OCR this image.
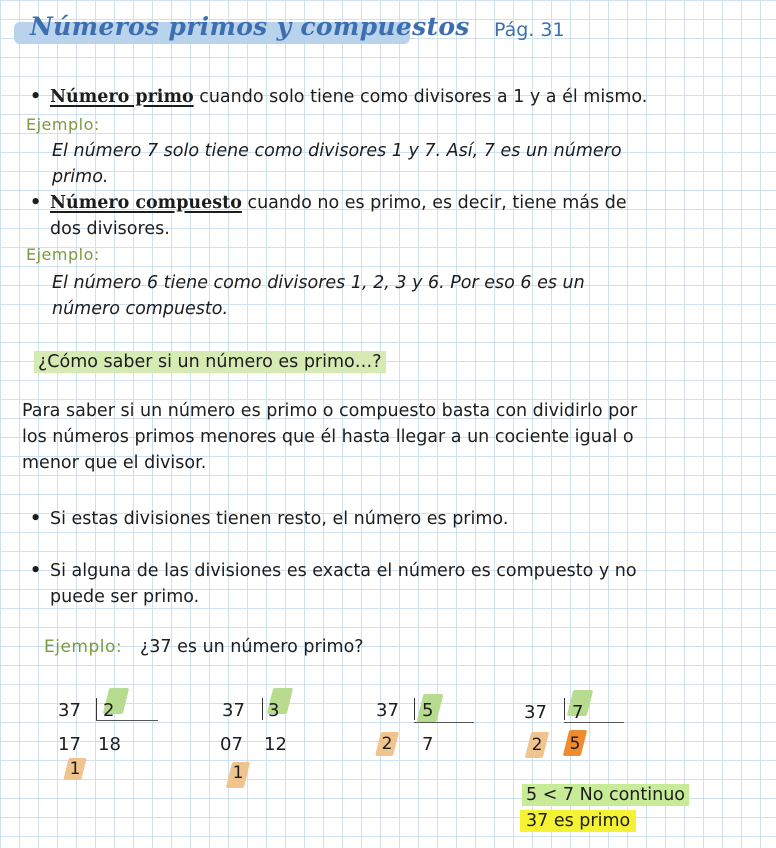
Números primos y compuestos	Pág. 31
• Número primo cuando solo tiene como divisores a 1 y a él mismo.
Ejemplo:
El número 7 solo tiene como divisores 1 y 7. Así, 7 es un número
primo.
• Número compuesto cuando no es primo, es decir, tiene más de
dos divisores.
Ejemplo:
El número 6 tiene como divisores 1, 2, 3 y 6. Por eso 6 es un
número compuesto.
¿Cómo saber si un número es primo…?
Para saber si un número es primo o compuesto basta con dividirlo por
los números primos menores que él hasta llegar a un cociente igual o
menor que el divisor.
• Si estas divisiones tienen resto, el número es primo.
• Si alguna de las divisiones es exacta el número es compuesto y no
puede ser primo.
Ejemplo: ¿37 es un número primo?
37 2
17 18
1
37 3
07 12
1
37 5
2 7
37 7
2 5
5 < 7 No continuo
37 es primo
